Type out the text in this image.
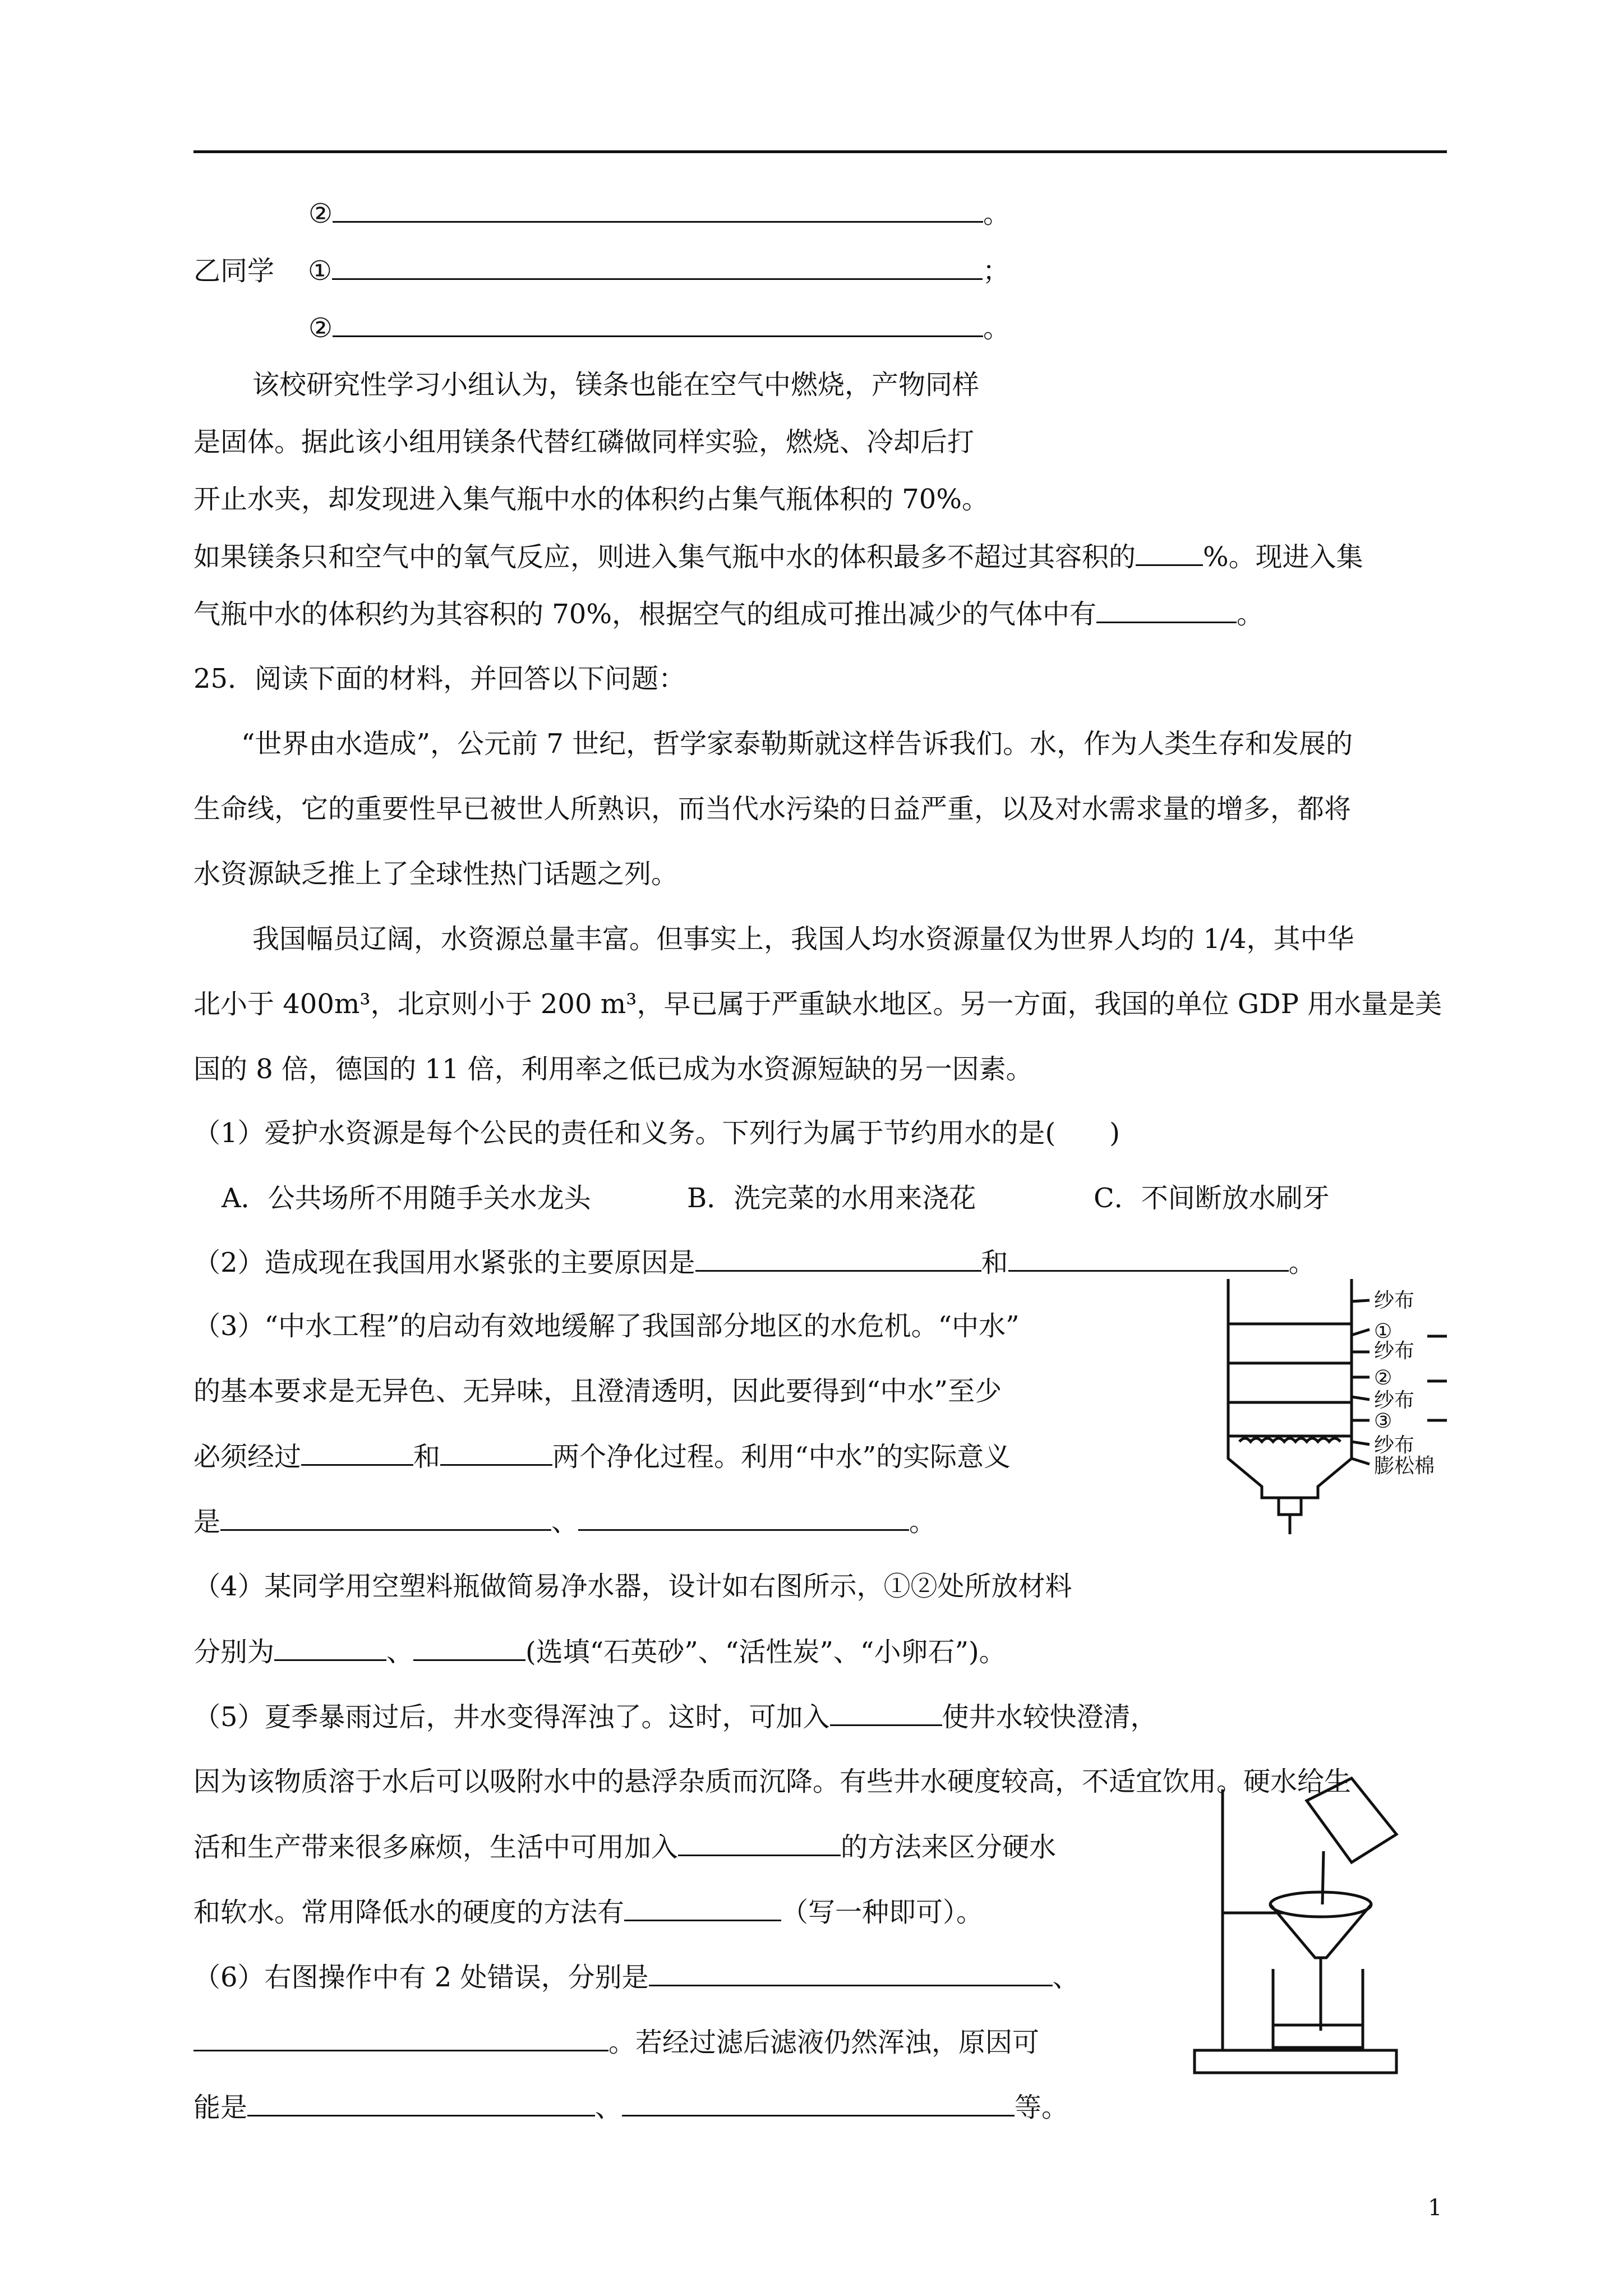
②	。
乙同学 ①	；
②	。
该校研究性学习小组认为，镁条也能在空气中燃烧，产物同样
是固体。据此该小组用镁条代替红磷做同样实验，燃烧、冷却后打
开止水夹，却发现进入集气瓶中水的体积约占集气瓶体积的 70%。
如果镁条只和空气中的氧气反应，则进入集气瓶中水的体积最多不超过其容积的	%。现进入集
气瓶中水的体积约为其容积的 70%，根据空气的组成可推出减少的气体中有	。
25．阅读下面的材料，并回答以下问题：
“世界由水造成”，公元前 7 世纪，哲学家泰勒斯就这样告诉我们。水，作为人类生存和发展的
生命线，它的重要性早已被世人所熟识，而当代水污染的日益严重，以及对水需求量的增多，都将
水资源缺乏推上了全球性热门话题之列。
我国幅员辽阔，水资源总量丰富。但事实上，我国人均水资源量仅为世界人均的 1/4，其中华
北小于 400m³，北京则小于 200 m³，早已属于严重缺水地区。另一方面，我国的单位 GDP 用水量是美
国的 8 倍，德国的 11 倍，利用率之低已成为水资源短缺的另一因素。
（1）爱护水资源是每个公民的责任和义务。下列行为属于节约用水的是(　　)
A．公共场所不用随手关水龙头	B．洗完菜的水用来浇花	C．不间断放水刷牙
（2）造成现在我国用水紧张的主要原因是	和	。
（3）“中水工程”的启动有效地缓解了我国部分地区的水危机。“中水”
的基本要求是无异色、无异味，且澄清透明，因此要得到“中水”至少
必须经过	和	两个净化过程。利用“中水”的实际意义
是	、	。
（4）某同学用空塑料瓶做简易净水器，设计如右图所示，①②处所放材料
分别为	、	(选填“石英砂”、“活性炭”、“小卵石”)。
（5）夏季暴雨过后，井水变得浑浊了。这时，可加入	使井水较快澄清，
因为该物质溶于水后可以吸附水中的悬浮杂质而沉降。有些井水硬度较高，不适宜饮用。硬水给生
活和生产带来很多麻烦，生活中可用加入	的方法来区分硬水
和软水。常用降低水的硬度的方法有	（写一种即可）。
（6）右图操作中有 2 处错误，分别是	、
。若经过滤后滤液仍然浑浊，原因可
能是	、	等。
纱布
①
纱布
②
纱布
③
纱布
膨松棉
1
